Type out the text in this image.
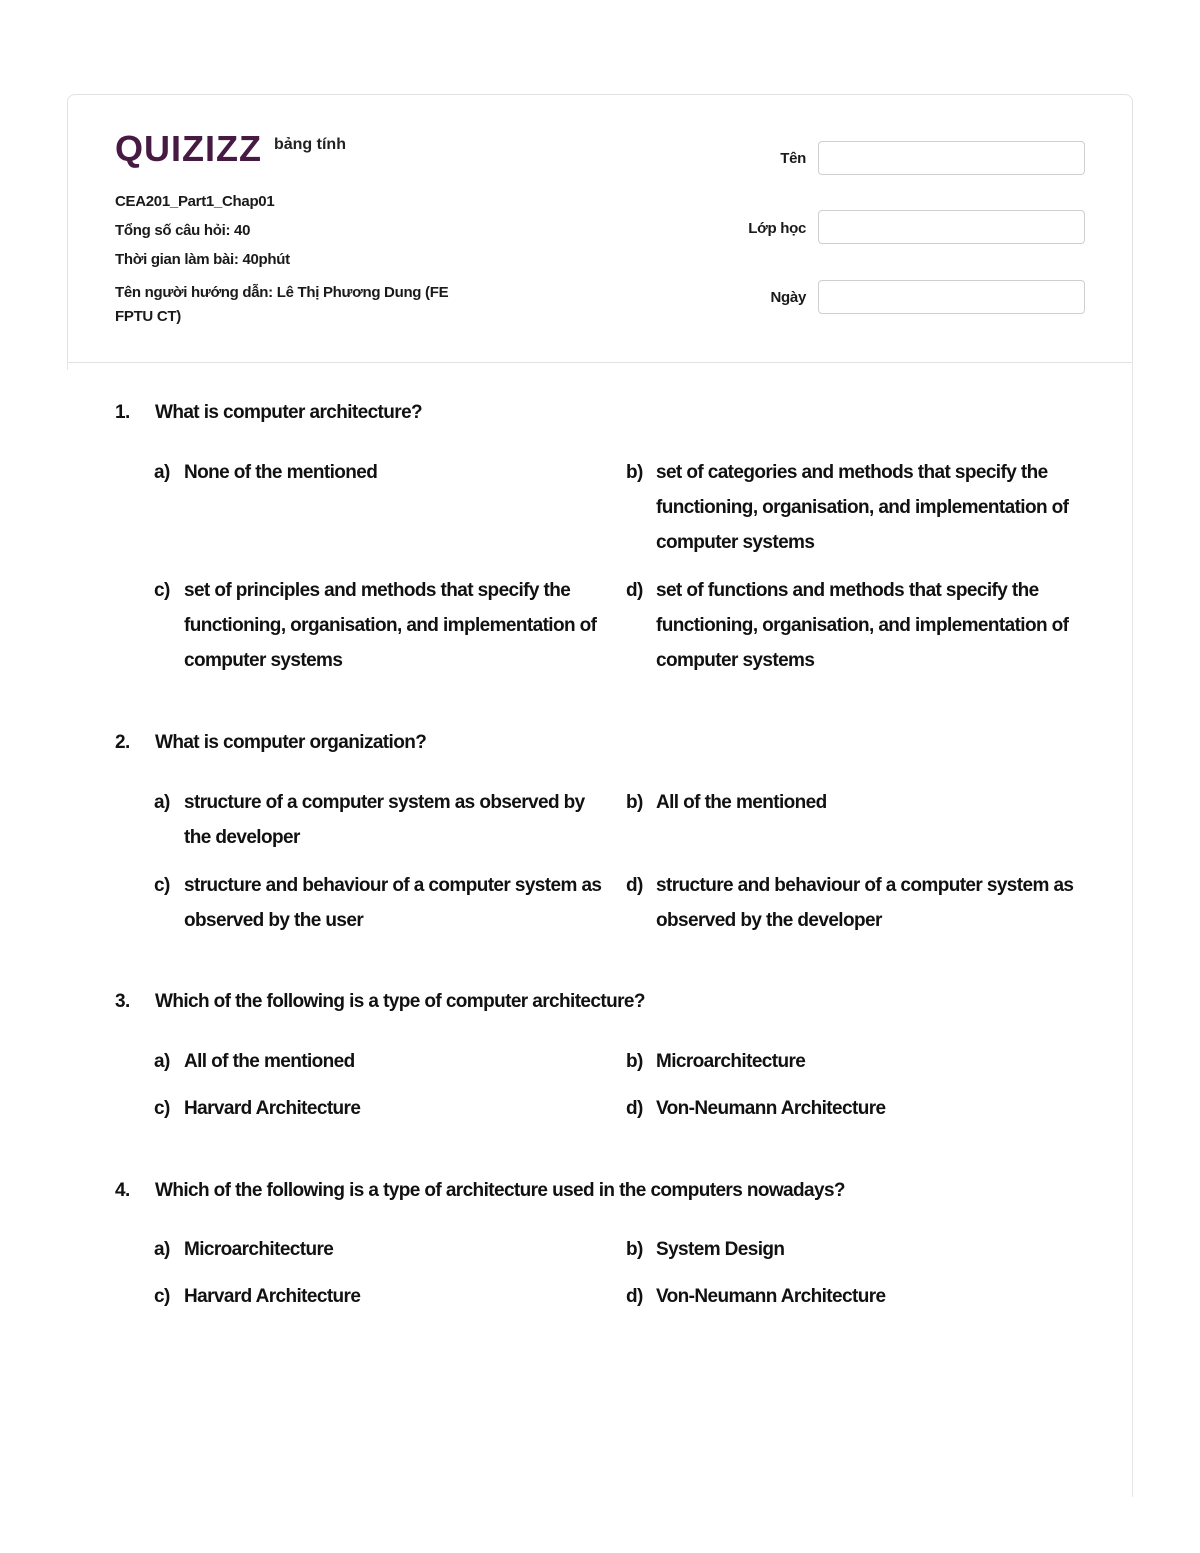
QUIZIZZ bảng tính
CEA201_Part1_Chap01
Tổng số câu hỏi: 40
Thời gian làm bài: 40phút
Tên người hướng dẫn: Lê Thị Phương Dung (FE FPTU CT)
Tên
Lớp học
Ngày
1. What is computer architecture?
a) None of the mentioned	b) set of categories and methods that specify the functioning, organisation, and implementation of computer systems
c) set of principles and methods that specify the functioning, organisation, and implementation of computer systems
d) set of functions and methods that specify the functioning, organisation, and implementation of computer systems
2. What is computer organization?
a) structure of a computer system as observed by the developer
b) All of the mentioned
c) structure and behaviour of a computer system as observed by the user
d) structure and behaviour of a computer system as observed by the developer
3. Which of the following is a type of computer architecture?
a) All of the mentioned	b) Microarchitecture
c) Harvard Architecture	d) Von-Neumann Architecture
4. Which of the following is a type of architecture used in the computers nowadays?
a) Microarchitecture	b) System Design
c) Harvard Architecture	d) Von-Neumann Architecture
